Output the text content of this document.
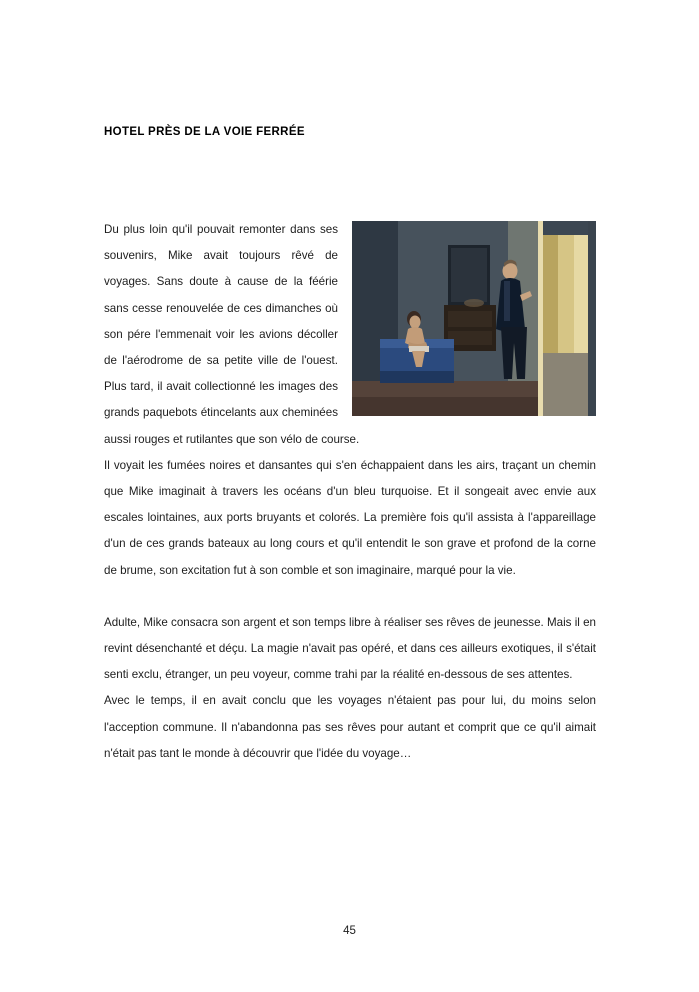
HOTEL PRÈS DE LA VOIE FERRÉE

Du plus loin qu'il pouvait remonter dans ses souvenirs, Mike avait toujours rêvé de voyages. Sans doute à cause de la féérie sans cesse renouvelée de ces dimanches où son pére l'emmenait voir les avions décoller de l'aérodrome de sa petite ville de l'ouest. Plus tard, il avait collectionné les images des grands paquebots étincelants aux cheminées aussi rouges et rutilantes que son vélo de course.

Il voyait les fumées noires et dansantes qui s'en échappaient dans les airs, traçant un chemin que Mike imaginait à travers les océans d'un bleu turquoise. Et il songeait avec envie aux escales lointaines, aux ports bruyants et colorés. La première fois qu'il assista à l'appareillage d'un de ces grands bateaux au long cours et qu'il entendit le son grave et profond de la corne de brume, son excitation fut à son comble et son imaginaire, marqué pour la vie.

Adulte, Mike consacra son argent et son temps libre à réaliser ses rêves de jeunesse. Mais il en revint désenchanté et déçu. La magie n'avait pas opéré, et dans ces ailleurs exotiques, il s'était senti exclu, étranger, un peu voyeur, comme trahi par la réalité en-dessous de ses attentes.

Avec le temps, il en avait conclu que les voyages n'étaient pas pour lui, du moins selon l'acception commune. Il n'abandonna pas ses rêves pour autant et comprit que ce qu'il aimait n'était pas tant le monde à découvrir que l'idée du voyage…

45
